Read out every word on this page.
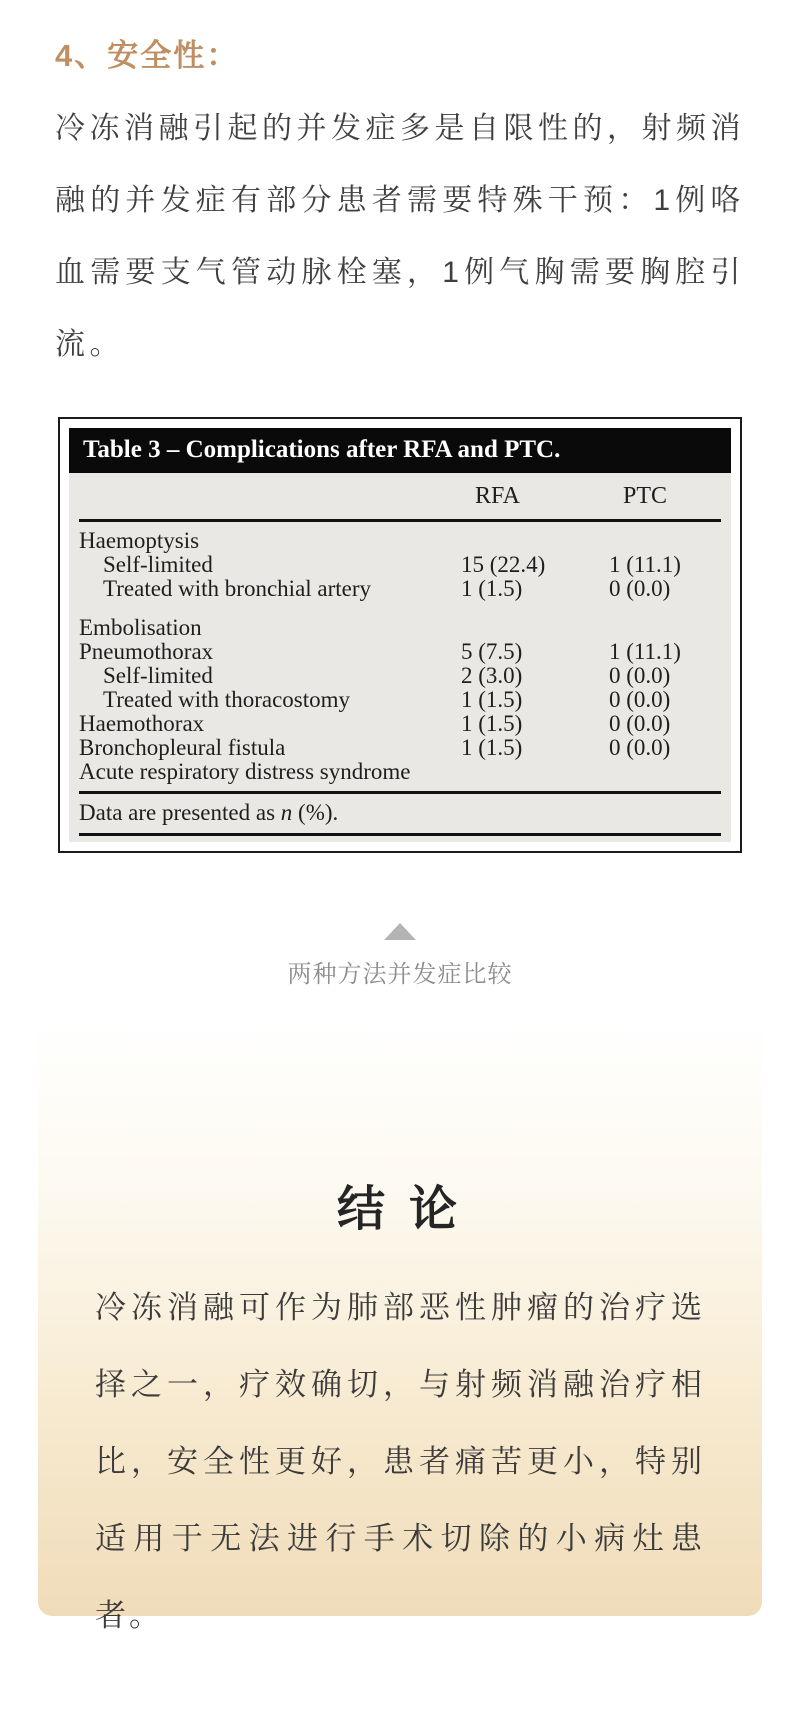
4、安全性：

冷冻消融引起的并发症多是自限性的，射频消融的并发症有部分患者需要特殊干预：1例咯血需要支气管动脉栓塞，1例气胸需要胸腔引流。

Table 3 – Complications after RFA and PTC.
RFA	PTC
Haemoptysis
Self-limited	15 (22.4)	1 (11.1)
Treated with bronchial artery	1 (1.5)	0 (0.0)
Embolisation
Pneumothorax	5 (7.5)	1 (11.1)
Self-limited	2 (3.0)	0 (0.0)
Treated with thoracostomy	1 (1.5)	0 (0.0)
Haemothorax	1 (1.5)	0 (0.0)
Bronchopleural fistula	1 (1.5)	0 (0.0)
Acute respiratory distress syndrome
Data are presented as n (%).
两种方法并发症比较
结 论

冷冻消融可作为肺部恶性肿瘤的治疗选择之一，疗效确切，与射频消融治疗相比，安全性更好，患者痛苦更小，特别适用于无法进行手术切除的小病灶患者。
